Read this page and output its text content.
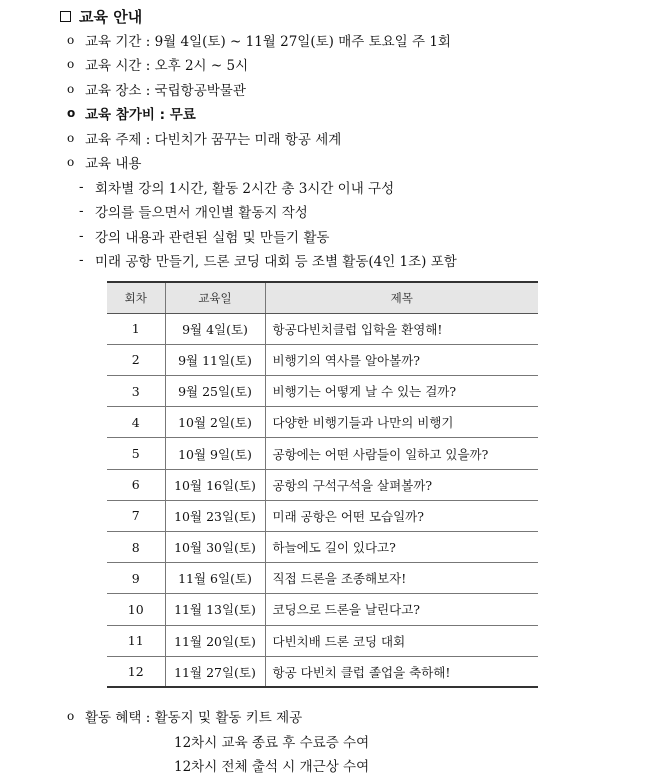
교육 안내
o 교육 기간 : 9월 4일(토) ~ 11월 27일(토) 매주 토요일 주 1회
o 교육 시간 : 오후 2시 ~ 5시
o 교육 장소 : 국립항공박물관
o 교육 참가비 : 무료
o 교육 주제 : 다빈치가 꿈꾸는 미래 항공 세계
o 교육 내용
- 회차별 강의 1시간, 활동 2시간 총 3시간 이내 구성
- 강의를 들으면서 개인별 활동지 작성
- 강의 내용과 관련된 실험 및 만들기 활동
- 미래 공항 만들기, 드론 코딩 대회 등 조별 활동(4인 1조) 포함
회차	교육일	제목
1	9월 4일(토)	항공다빈치클럽 입학을 환영해!
2	9월 11일(토)	비행기의 역사를 알아볼까?
3	9월 25일(토)	비행기는 어떻게 날 수 있는 걸까?
4	10월 2일(토)	다양한 비행기들과 나만의 비행기
5	10월 9일(토)	공항에는 어떤 사람들이 일하고 있을까?
6	10월 16일(토)	공항의 구석구석을 살펴볼까?
7	10월 23일(토)	미래 공항은 어떤 모습일까?
8	10월 30일(토)	하늘에도 길이 있다고?
9	11월 6일(토)	직접 드론을 조종해보자!
10	11월 13일(토)	코딩으로 드론을 날린다고?
11	11월 20일(토)	다빈치배 드론 코딩 대회
12	11월 27일(토)	항공 다빈치 클럽 졸업을 축하해!
o 활동 혜택 : 활동지 및 활동 키트 제공
12차시 교육 종료 후 수료증 수여
12차시 전체 출석 시 개근상 수여
